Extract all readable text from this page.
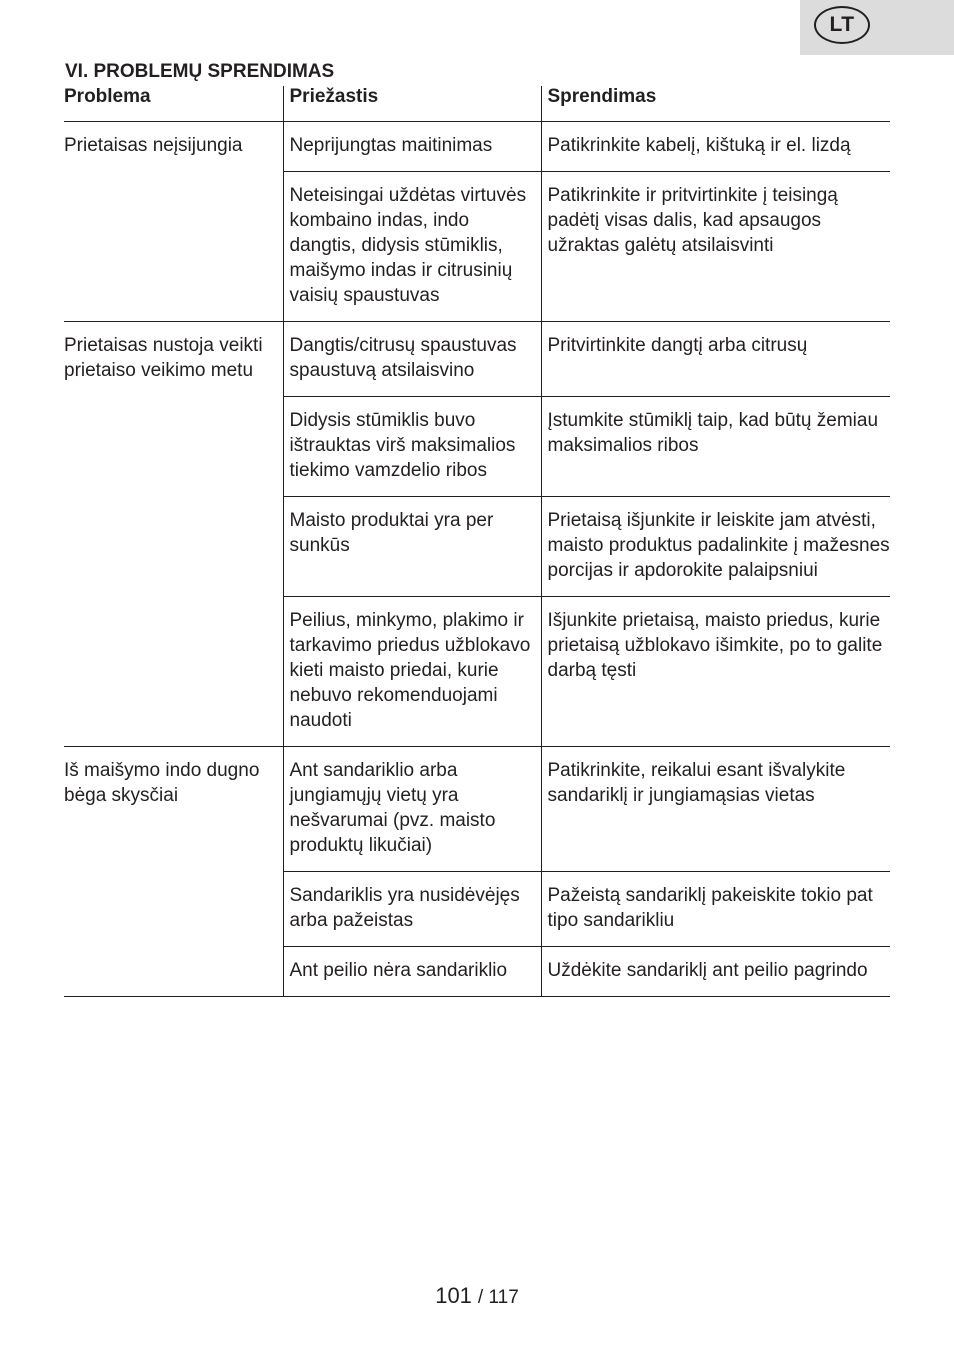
LT
VI. PROBLEMŲ SPRENDIMAS
Problema	Priežastis	Sprendimas
Prietaisas neįsijungia	Neprijungtas maitinimas	Patikrinkite kabelį, kištuką ir el. lizdą
	Neteisingai uždėtas virtuvės kombaino indas, indo dangtis, didysis stūmiklis, maišymo indas ir citrusinių vaisių spaustuvas	Patikrinkite ir pritvirtinkite į teisingą padėtį visas dalis, kad apsaugos užraktas galėtų atsilaisvinti
Prietaisas nustoja veikti prietaiso veikimo metu	Dangtis/citrusų spaustuvas spaustuvą atsilaisvino	Pritvirtinkite dangtį arba citrusų
	Didysis stūmiklis buvo ištrauktas virš maksimalios tiekimo vamzdelio ribos	Įstumkite stūmiklį taip, kad būtų žemiau maksimalios ribos
	Maisto produktai yra per sunkūs	Prietaisą išjunkite ir leiskite jam atvėsti, maisto produktus padalinkite į mažesnes porcijas ir apdorokite palaipsniui
	Peilius, minkymo, plakimo ir tarkavimo priedus užblokavo kieti maisto priedai, kurie nebuvo rekomenduojami naudoti	Išjunkite prietaisą, maisto priedus, kurie prietaisą užblokavo išimkite, po to galite darbą tęsti
Iš maišymo indo dugno bėga skysčiai	Ant sandariklio arba jungiamųjų vietų yra nešvarumai (pvz. maisto produktų likučiai)	Patikrinkite, reikalui esant išvalykite sandariklį ir jungiamąsias vietas
	Sandariklis yra nusidėvėjęs arba pažeistas	Pažeistą sandariklį pakeiskite tokio pat tipo sandarikliu
	Ant peilio nėra sandariklio	Uždėkite sandariklį ant peilio pagrindo
101 / 117
